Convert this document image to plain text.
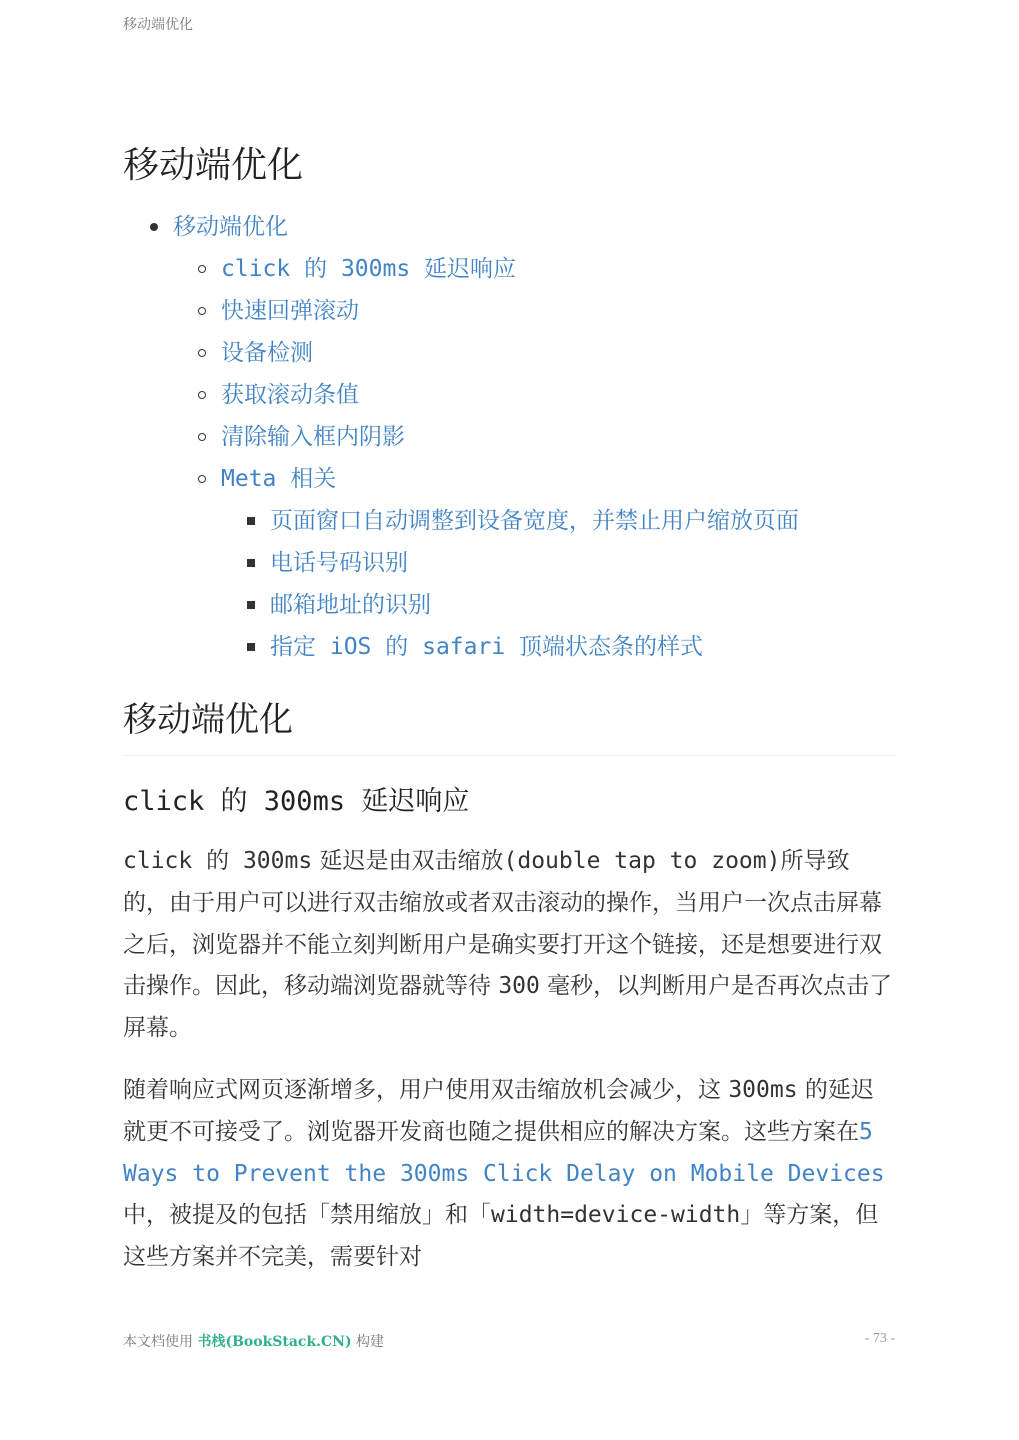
移动端优化
移动端优化
移动端优化
click 的 300ms 延迟响应
快速回弹滚动
设备检测
获取滚动条值
清除输入框内阴影
Meta 相关
页面窗口自动调整到设备宽度，并禁止用户缩放页面
电话号码识别
邮箱地址的识别
指定 iOS 的 safari 顶端状态条的样式
移动端优化
click 的 300ms 延迟响应

click 的 300ms 延迟是由双击缩放(double tap to zoom)所导致的，由于用户可以进行双击缩放或者双击滚动的操作，当用户一次点击屏幕之后，浏览器并不能立刻判断用户是确实要打开这个链接，还是想要进行双击操作。因此，移动端浏览器就等待 300 毫秒，以判断用户是否再次点击了屏幕。

随着响应式网页逐渐增多，用户使用双击缩放机会减少，这 300ms 的延迟就更不可接受了。浏览器开发商也随之提供相应的解决方案。这些方案在5 Ways to Prevent the 300ms Click Delay on Mobile Devices 中，被提及的包括「禁用缩放」和「width=device-width」等方案，但这些方案并不完美，需要针对

本文档使用 书栈(BookStack.CN) 构建	- 73 -
